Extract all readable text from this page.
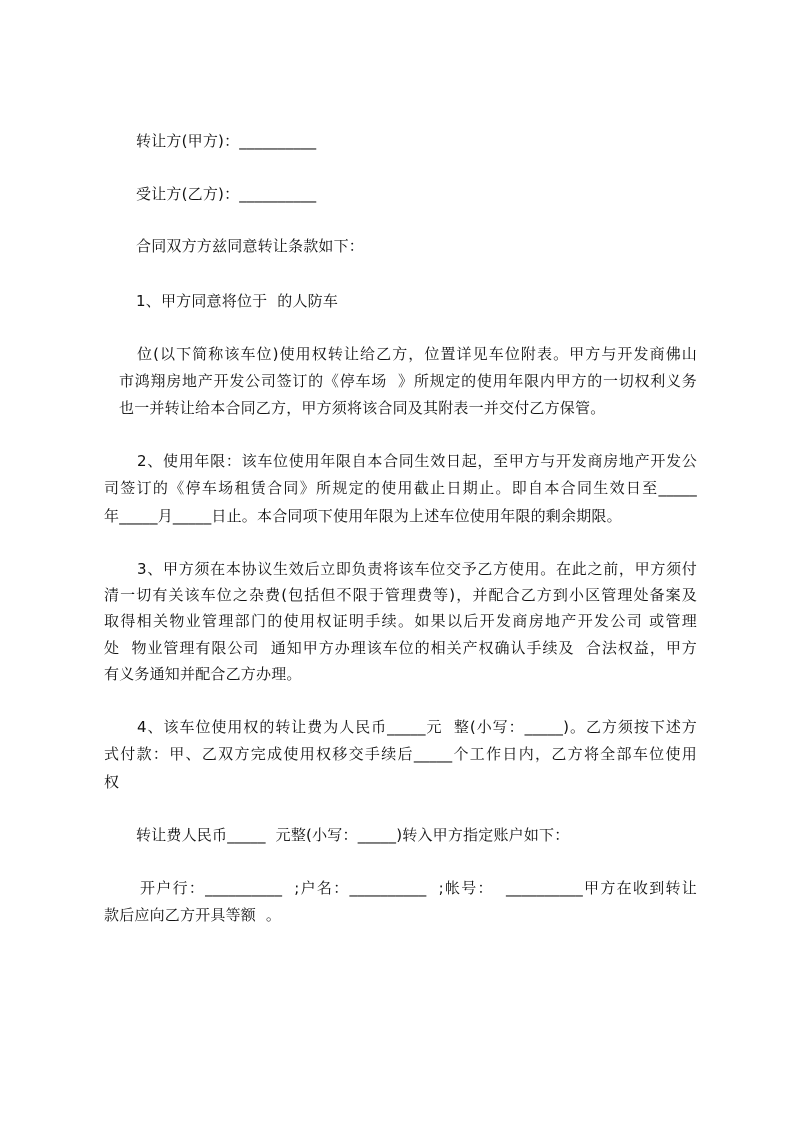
转让方(甲方)：__________
受让方(乙方)：__________
合同双方方兹同意转让条款如下：
1、甲方同意将位于  的人防车
位(以下简称该车位)使用权转让给乙方，位置详见车位附表。甲方与开发商佛山
市鸿翔房地产开发公司签订的《停车场  》所规定的使用年限内甲方的一切权利义务
也一并转让给本合同乙方，甲方须将该合同及其附表一并交付乙方保管。
2、使用年限：该车位使用年限自本合同生效日起，至甲方与开发商房地产开发公
司签订的《停车场租赁合同》所规定的使用截止日期止。即自本合同生效日至_____
年_____月_____日止。本合同项下使用年限为上述车位使用年限的剩余期限。
3、甲方须在本协议生效后立即负责将该车位交予乙方使用。在此之前，甲方须付
清一切有关该车位之杂费(包括但不限于管理费等)，并配合乙方到小区管理处备案及
取得相关物业管理部门的使用权证明手续。如果以后开发商房地产开发公司 或管理
处  物业管理有限公司  通知甲方办理该车位的相关产权确认手续及  合法权益，甲方
有义务通知并配合乙方办理。
4、该车位使用权的转让费为人民币_____元  整(小写：_____)。乙方须按下述方
式付款：甲、乙双方完成使用权移交手续后_____个工作日内，乙方将全部车位使用
权
转让费人民币_____  元整(小写：_____)转入甲方指定账户如下：
开户行：__________  ;户名：__________  ;帐号：  __________甲方在收到转让
款后应向乙方开具等额  。
